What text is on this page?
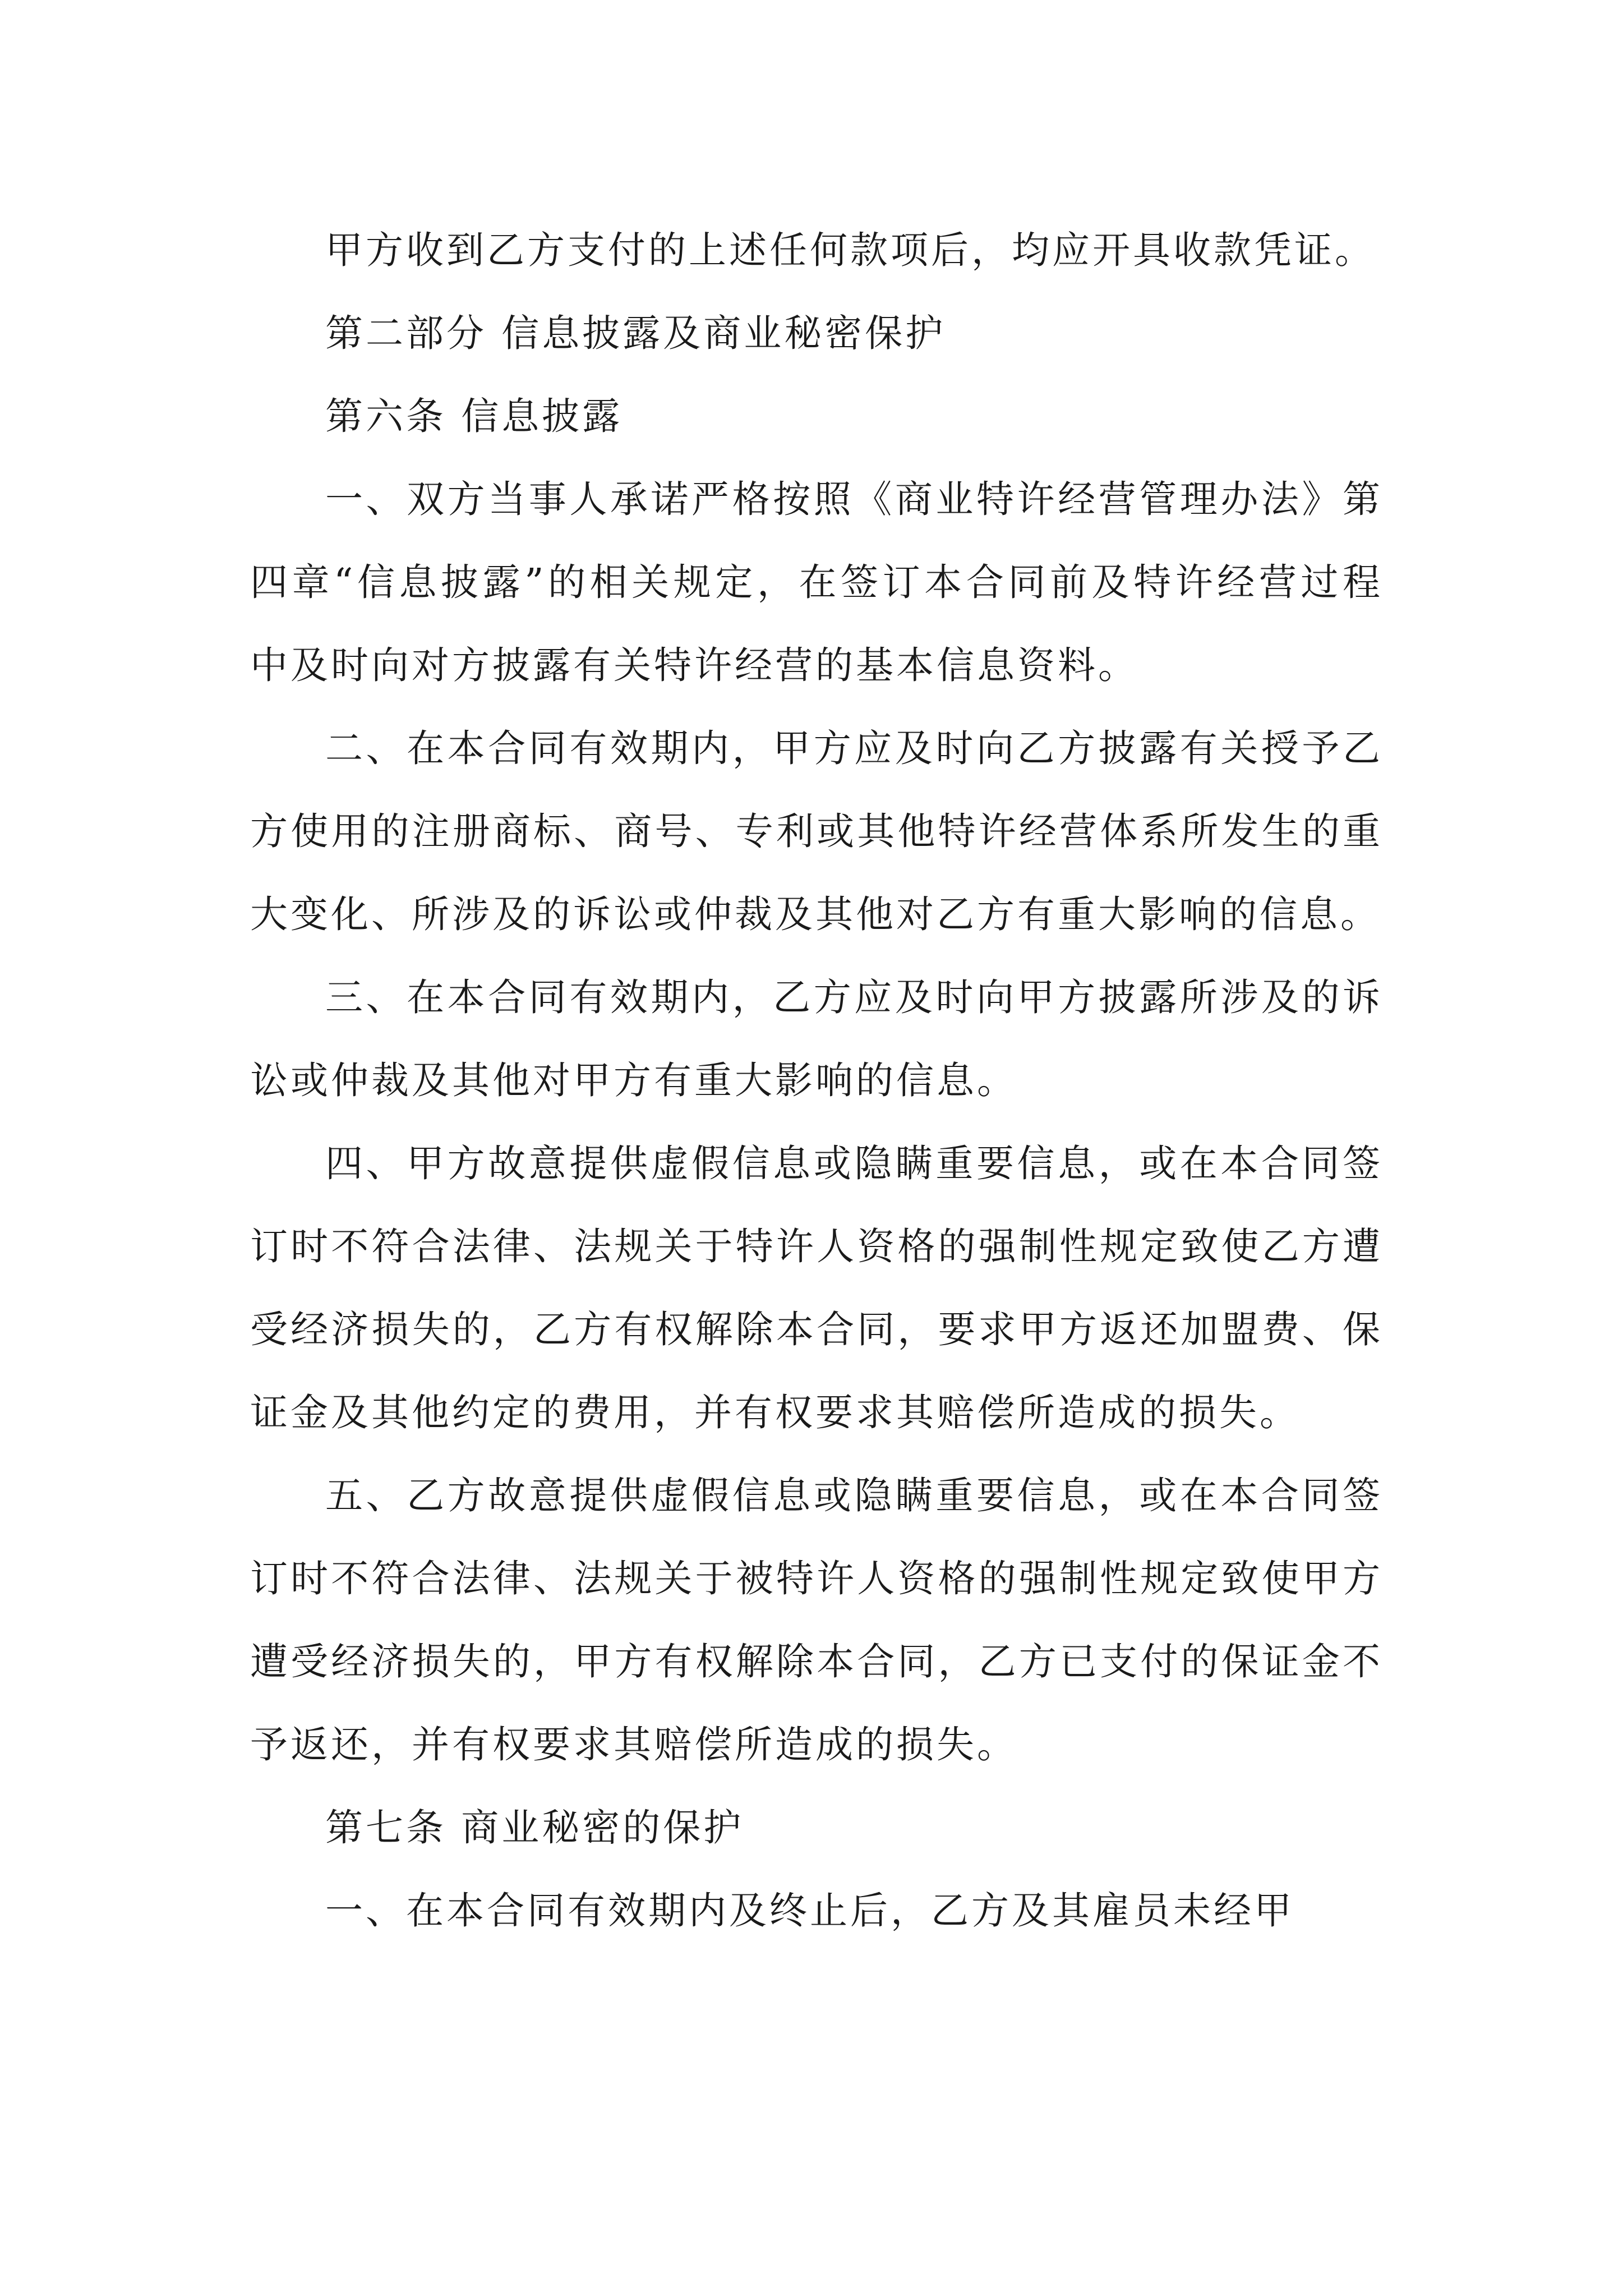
甲方收到乙方支付的上述任何款项后，均应开具收款凭证。

第二部分 信息披露及商业秘密保护

第六条 信息披露

一、双方当事人承诺严格按照《商业特许经营管理办法》第四章“信息披露”的相关规定，在签订本合同前及特许经营过程中及时向对方披露有关特许经营的基本信息资料。

二、在本合同有效期内，甲方应及时向乙方披露有关授予乙方使用的注册商标、商号、专利或其他特许经营体系所发生的重大变化、所涉及的诉讼或仲裁及其他对乙方有重大影响的信息。

三、在本合同有效期内，乙方应及时向甲方披露所涉及的诉讼或仲裁及其他对甲方有重大影响的信息。

四、甲方故意提供虚假信息或隐瞒重要信息，或在本合同签订时不符合法律、法规关于特许人资格的强制性规定致使乙方遭受经济损失的，乙方有权解除本合同，要求甲方返还加盟费、保证金及其他约定的费用，并有权要求其赔偿所造成的损失。

五、乙方故意提供虚假信息或隐瞒重要信息，或在本合同签订时不符合法律、法规关于被特许人资格的强制性规定致使甲方遭受经济损失的，甲方有权解除本合同，乙方已支付的保证金不予返还，并有权要求其赔偿所造成的损失。

第七条 商业秘密的保护

一、在本合同有效期内及终止后，乙方及其雇员未经甲
